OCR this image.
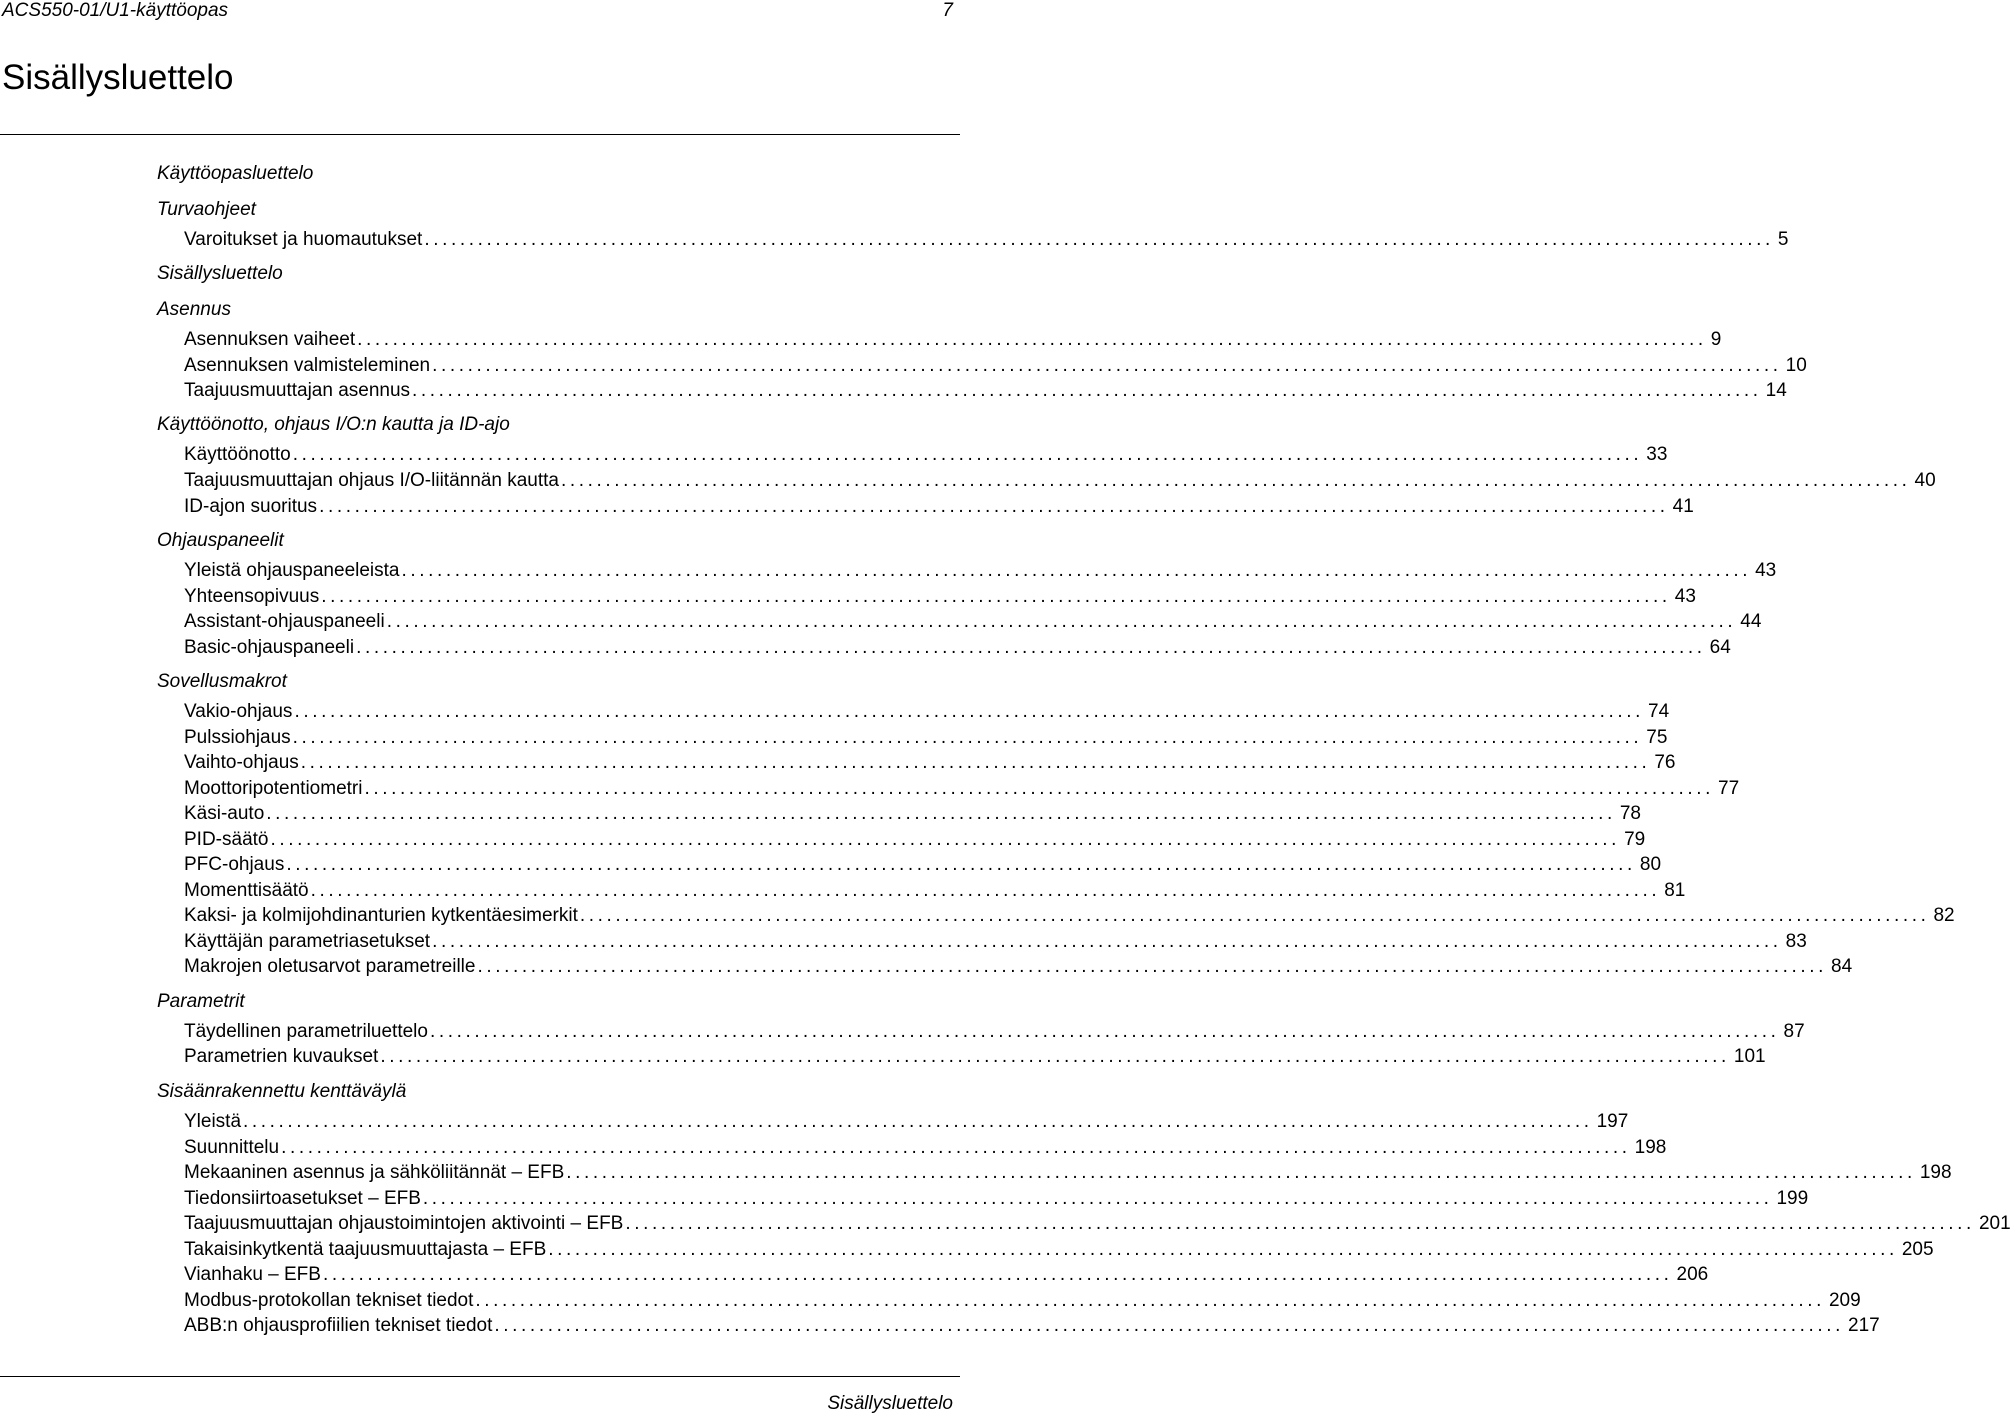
ACS550-01/U1-käyttöopas	7
Sisällysluettelo
Käyttöopasluettelo
Turvaohjeet
Varoitukset ja huomautukset ........................................................................................................................................................ 5
Sisällysluettelo
Asennus
Asennuksen vaiheet ........................................................................................................................................................ 9
Asennuksen valmisteleminen ........................................................................................................................................................ 10
Taajuusmuuttajan asennus ........................................................................................................................................................ 14
Käyttöönotto, ohjaus I/O:n kautta ja ID-ajo
Käyttöönotto ........................................................................................................................................................ 33
Taajuusmuuttajan ohjaus I/O-liitännän kautta ........................................................................................................................................................ 40
ID-ajon suoritus ........................................................................................................................................................ 41
Ohjauspaneelit
Yleistä ohjauspaneeleista ........................................................................................................................................................ 43
Yhteensopivuus ........................................................................................................................................................ 43
Assistant-ohjauspaneeli ........................................................................................................................................................ 44
Basic-ohjauspaneeli ........................................................................................................................................................ 64
Sovellusmakrot
Vakio-ohjaus ........................................................................................................................................................ 74
Pulssiohjaus ........................................................................................................................................................ 75
Vaihto-ohjaus ........................................................................................................................................................ 76
Moottoripotentiometri ........................................................................................................................................................ 77
Käsi-auto ........................................................................................................................................................ 78
PID-säätö ........................................................................................................................................................ 79
PFC-ohjaus ........................................................................................................................................................ 80
Momenttisäätö ........................................................................................................................................................ 81
Kaksi- ja kolmijohdinanturien kytkentäesimerkit ........................................................................................................................................................ 82
Käyttäjän parametriasetukset ........................................................................................................................................................ 83
Makrojen oletusarvot parametreille ........................................................................................................................................................ 84
Parametrit
Täydellinen parametriluettelo ........................................................................................................................................................ 87
Parametrien kuvaukset ........................................................................................................................................................ 101
Sisäänrakennettu kenttäväylä
Yleistä ........................................................................................................................................................ 197
Suunnittelu ........................................................................................................................................................ 198
Mekaaninen asennus ja sähköliitännät – EFB ........................................................................................................................................................ 198
Tiedonsiirtoasetukset – EFB ........................................................................................................................................................ 199
Taajuusmuuttajan ohjaustoimintojen aktivointi – EFB ........................................................................................................................................................ 201
Takaisinkytkentä taajuusmuuttajasta – EFB ........................................................................................................................................................ 205
Vianhaku – EFB ........................................................................................................................................................ 206
Modbus-protokollan tekniset tiedot ........................................................................................................................................................ 209
ABB:n ohjausprofiilien tekniset tiedot ........................................................................................................................................................ 217
Sisällysluettelo
